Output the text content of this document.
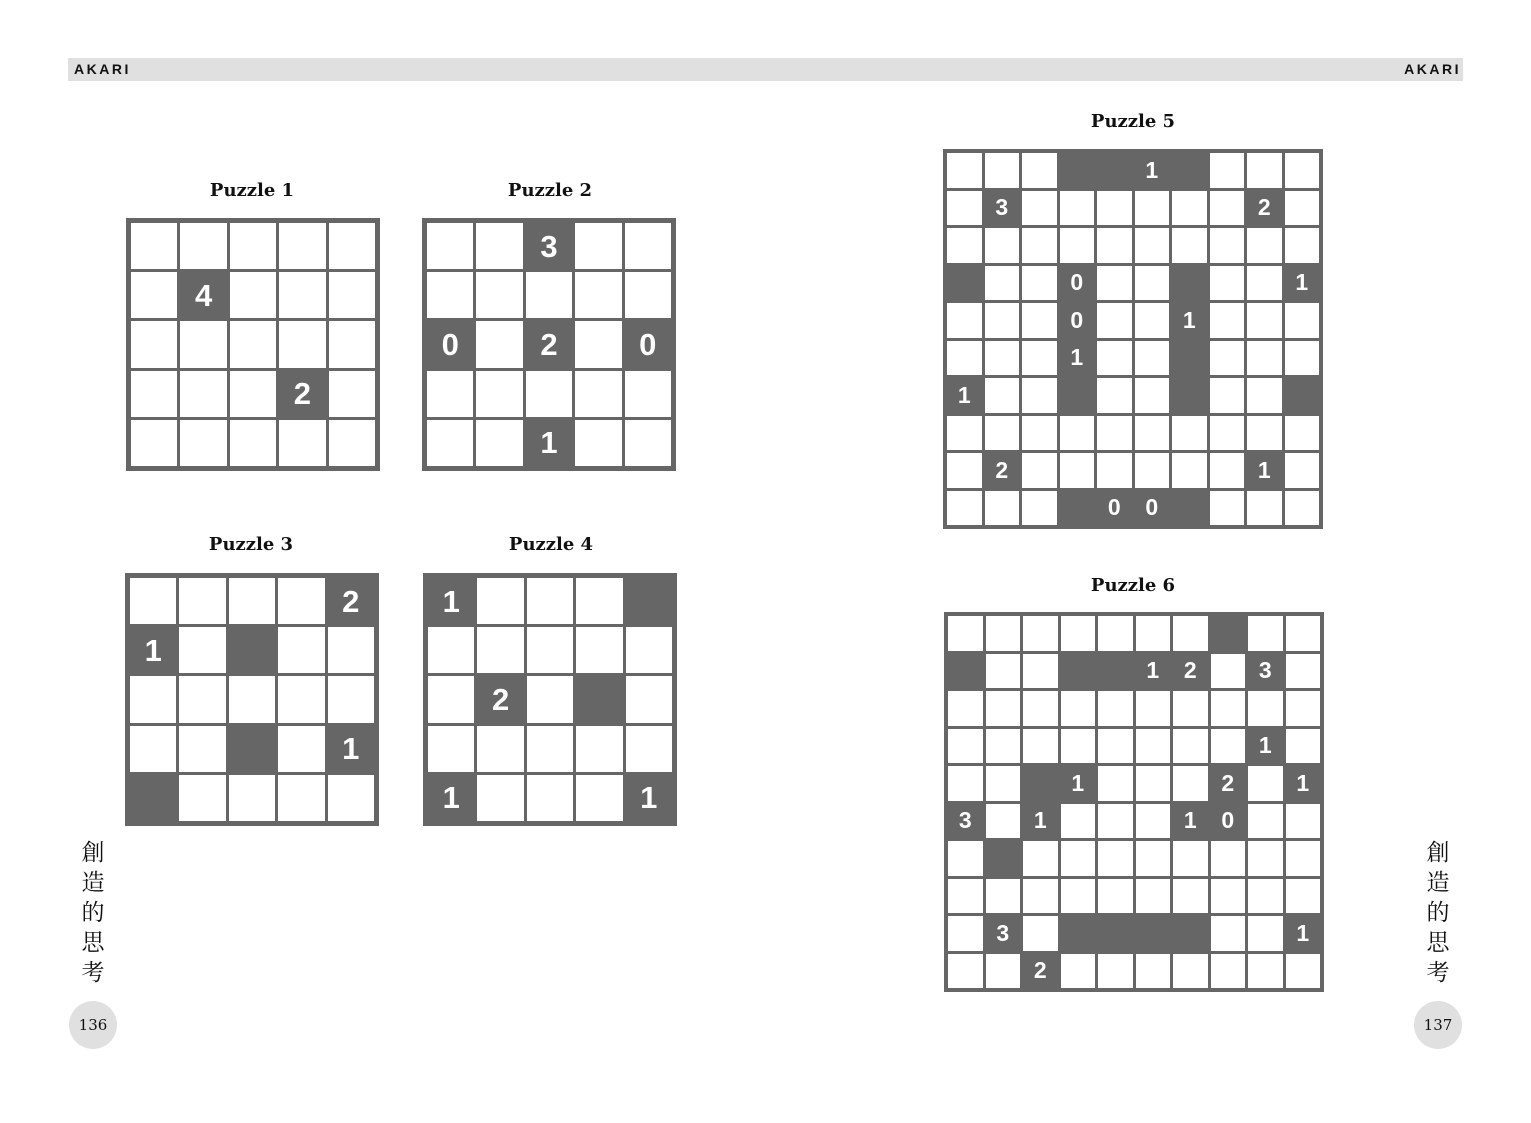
AKARI	AKARI
Puzzle 1
4
2
Puzzle 2
3
0	2	0
1
Puzzle 3
2
1
1
Puzzle 4
1
2
1	1
Puzzle 5
1
3	2
0	1
0	1
1
1
2	1
0	0
Puzzle 6
1	2	3
1
1	2	1
3	1	1	0
3	1
2
創
造
的
思
考
創
造
的
思
考
136	137
